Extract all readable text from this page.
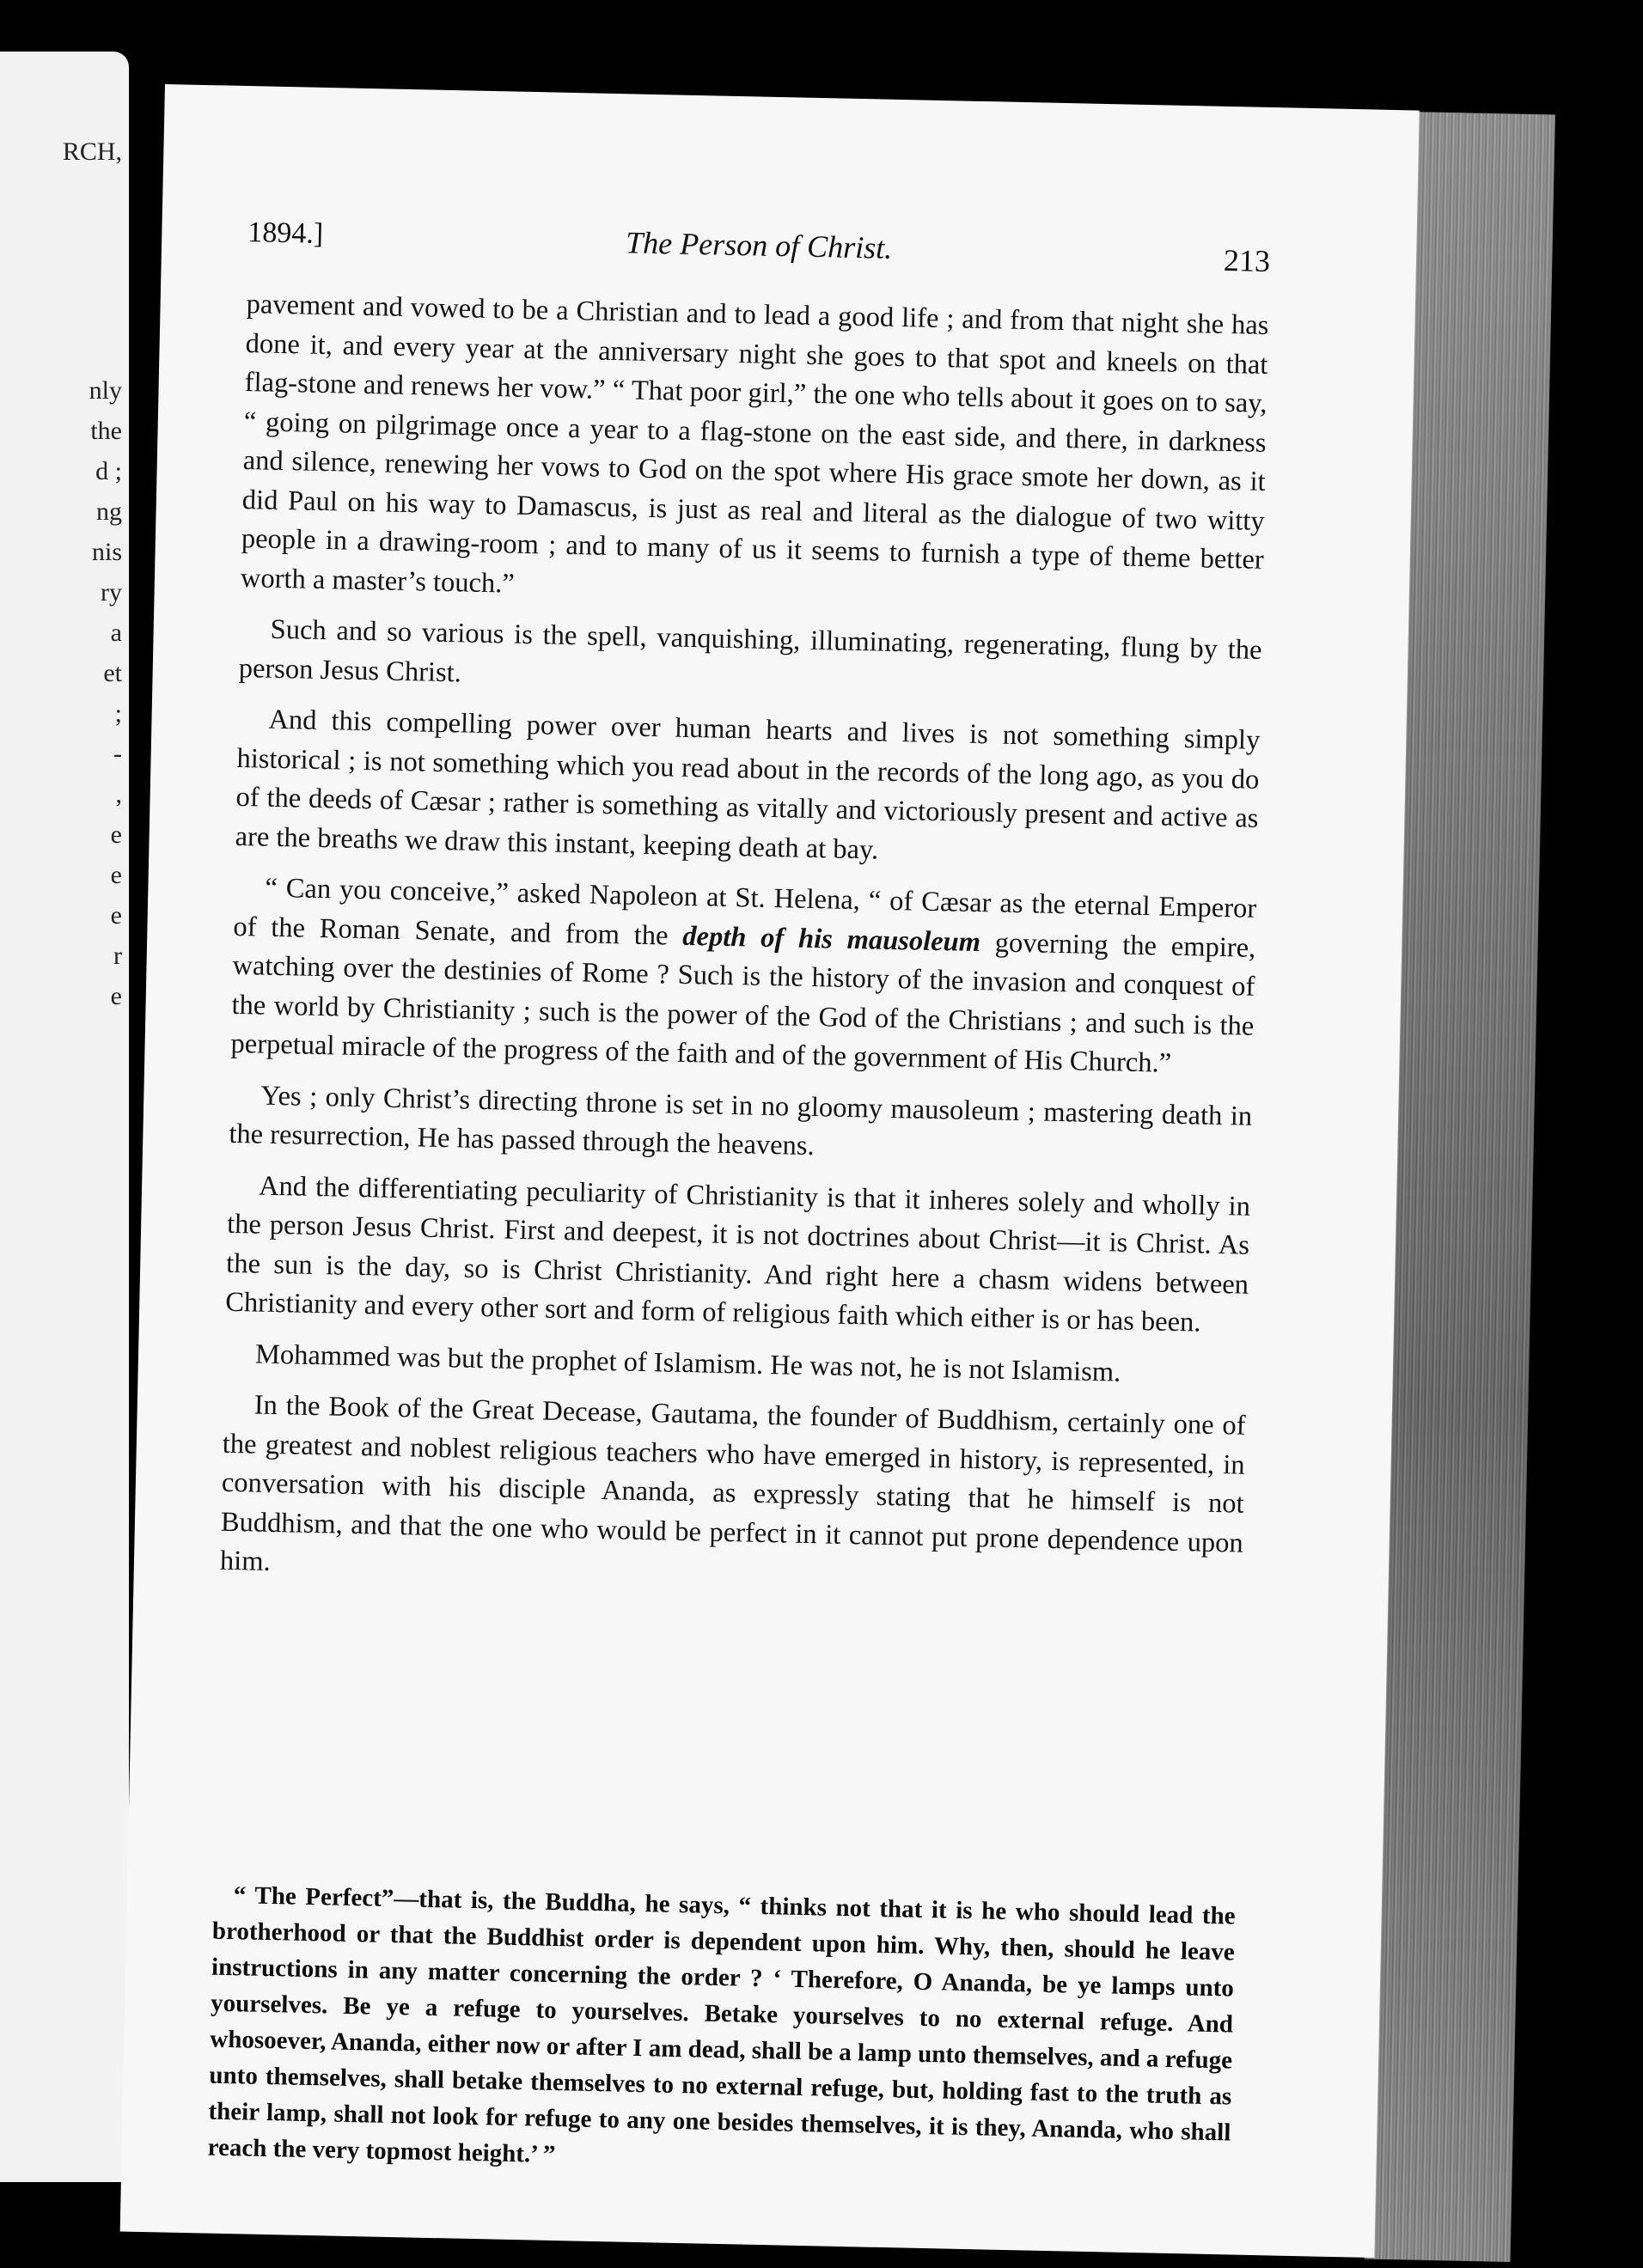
RCH,
nly
the
d ;
ng
nis
ry
a
et
;
-
,
e
e
e
r
e
1894.]	The Person of Christ.	213

pavement and vowed to be a Christian and to lead a good life ; and from that night she has done it, and every year at the anniversary night she goes to that spot and kneels on that flag-stone and renews her vow.” “ That poor girl,” the one who tells about it goes on to say, “ going on pilgrimage once a year to a flag-stone on the east side, and there, in darkness and silence, renewing her vows to God on the spot where His grace smote her down, as it did Paul on his way to Damascus, is just as real and literal as the dialogue of two witty people in a drawing-room ; and to many of us it seems to furnish a type of theme better worth a master’s touch.”

Such and so various is the spell, vanquishing, illuminating, regenerating, flung by the person Jesus Christ.

And this compelling power over human hearts and lives is not something simply historical ; is not something which you read about in the records of the long ago, as you do of the deeds of Cæsar ; rather is something as vitally and victoriously present and active as are the breaths we draw this instant, keeping death at bay.

“ Can you conceive,” asked Napoleon at St. Helena, “ of Cæsar as the eternal Emperor of the Roman Senate, and from the depth of his mausoleum governing the empire, watching over the destinies of Rome ? Such is the history of the invasion and conquest of the world by Christianity ; such is the power of the God of the Christians ; and such is the perpetual miracle of the progress of the faith and of the government of His Church.”

Yes ; only Christ’s directing throne is set in no gloomy mausoleum ; mastering death in the resurrection, He has passed through the heavens.

And the differentiating peculiarity of Christianity is that it inheres solely and wholly in the person Jesus Christ. First and deepest, it is not doctrines about Christ—it is Christ. As the sun is the day, so is Christ Christianity. And right here a chasm widens between Christianity and every other sort and form of religious faith which either is or has been.

Mohammed was but the prophet of Islamism. He was not, he is not Islamism.

In the Book of the Great Decease, Gautama, the founder of Buddhism, certainly one of the greatest and noblest religious teachers who have emerged in history, is represented, in conversation with his disciple Ananda, as expressly stating that he himself is not Buddhism, and that the one who would be perfect in it cannot put prone dependence upon him.

“ The Perfect”—that is, the Buddha, he says, “ thinks not that it is he who should lead the brotherhood or that the Buddhist order is dependent upon him. Why, then, should he leave instructions in any matter concerning the order ? ‘ Therefore, O Ananda, be ye lamps unto yourselves. Be ye a refuge to yourselves. Betake yourselves to no external refuge. And whosoever, Ananda, either now or after I am dead, shall be a lamp unto themselves, and a refuge unto themselves, shall betake themselves to no external refuge, but, holding fast to the truth as their lamp, shall not look for refuge to any one besides themselves, it is they, Ananda, who shall reach the very topmost height.’ ”
